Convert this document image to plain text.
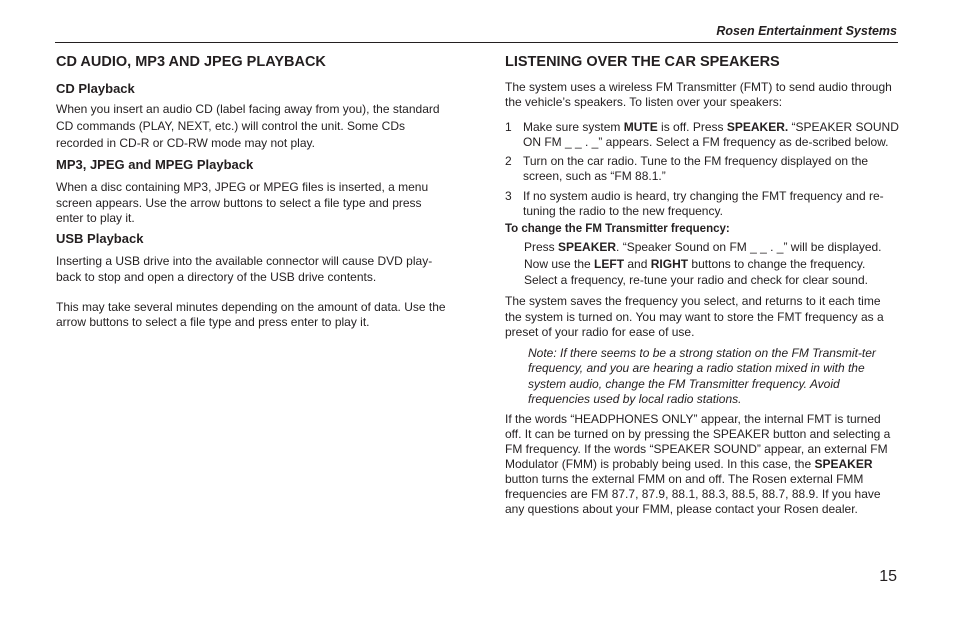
Rosen Entertainment Systems
CD AUDIO, MP3 AND JPEG PLAYBACK
CD Playback

When you insert an audio CD (label facing away from you), the standard CD commands (PLAY, NEXT, etc.) will control the unit. Some CDs recorded in CD-R or CD-RW mode may not play.

MP3, JPEG and MPEG Playback

When a disc containing MP3, JPEG or MPEG files is inserted, a menu screen appears. Use the arrow buttons to select a file type and press enter to play it.

USB Playback

Inserting a USB drive into the available connector will cause DVD play-back to stop and open a directory of the USB drive contents.

This may take several minutes depending on the amount of data. Use the arrow buttons to select a file type and press enter to play it.

LISTENING OVER THE CAR SPEAKERS

The system uses a wireless FM Transmitter (FMT) to send audio through the vehicle’s speakers. To listen over your speakers:

1 Make sure system MUTE is off. Press SPEAKER. “SPEAKER SOUND ON FM _ _ . _” appears. Select a FM frequency as de-scribed below.
2 Turn on the car radio. Tune to the FM frequency displayed on the screen, such as “FM 88.1.”
3 If no system audio is heard, try changing the FMT frequency and re-tuning the radio to the new frequency.
To change the FM Transmitter frequency:

Press SPEAKER. “Speaker Sound on FM _ _ . _” will be displayed. Now use the LEFT and RIGHT buttons to change the frequency. Select a frequency, re-tune your radio and check for clear sound.

The system saves the frequency you select, and returns to it each time the system is turned on. You may want to store the FMT frequency as a preset of your radio for ease of use.

Note: If there seems to be a strong station on the FM Transmit-ter frequency, and you are hearing a radio station mixed in with the system audio, change the FM Transmitter frequency. Avoid frequencies used by local radio stations.

If the words “HEADPHONES ONLY” appear, the internal FMT is turned off. It can be turned on by pressing the SPEAKER button and selecting a FM frequency. If the words “SPEAKER SOUND” appear, an external FM Modulator (FMM) is probably being used. In this case, the SPEAKER button turns the external FMM on and off. The Rosen external FMM frequencies are FM 87.7, 87.9, 88.1, 88.3, 88.5, 88.7, 88.9. If you have any questions about your FMM, please contact your Rosen dealer.

15
